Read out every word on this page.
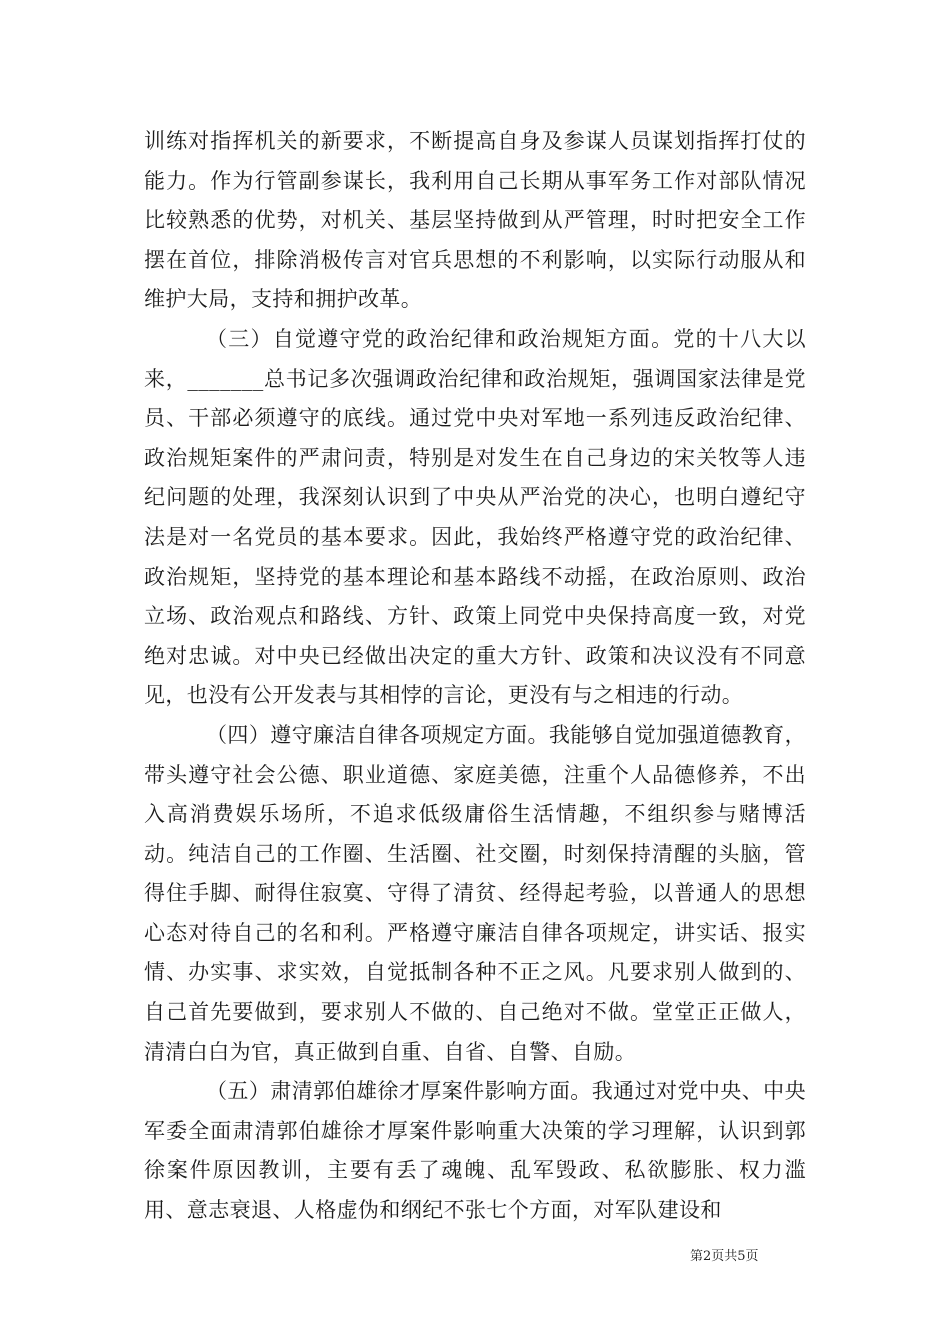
训练对指挥机关的新要求，不断提高自身及参谋人员谋划指挥打仗的能力。作为行管副参谋长，我利用自己长期从事军务工作对部队情况比较熟悉的优势，对机关、基层坚持做到从严管理，时时把安全工作摆在首位，排除消极传言对官兵思想的不利影响，以实际行动服从和维护大局，支持和拥护改革。

（三）自觉遵守党的政治纪律和政治规矩方面。党的十八大以来，_______总书记多次强调政治纪律和政治规矩，强调国家法律是党员、干部必须遵守的底线。通过党中央对军地一系列违反政治纪律、政治规矩案件的严肃问责，特别是对发生在自己身边的宋关牧等人违纪问题的处理，我深刻认识到了中央从严治党的决心，也明白遵纪守法是对一名党员的基本要求。因此，我始终严格遵守党的政治纪律、政治规矩，坚持党的基本理论和基本路线不动摇，在政治原则、政治立场、政治观点和路线、方针、政策上同党中央保持高度一致，对党绝对忠诚。对中央已经做出决定的重大方针、政策和决议没有不同意见，也没有公开发表与其相悖的言论，更没有与之相违的行动。

（四）遵守廉洁自律各项规定方面。我能够自觉加强道德教育，带头遵守社会公德、职业道德、家庭美德，注重个人品德修养，不出入高消费娱乐场所，不追求低级庸俗生活情趣，不组织参与赌博活动。纯洁自己的工作圈、生活圈、社交圈，时刻保持清醒的头脑，管得住手脚、耐得住寂寞、守得了清贫、经得起考验，以普通人的思想心态对待自己的名和利。严格遵守廉洁自律各项规定，讲实话、报实情、办实事、求实效，自觉抵制各种不正之风。凡要求别人做到的、自己首先要做到，要求别人不做的、自己绝对不做。堂堂正正做人，清清白白为官，真正做到自重、自省、自警、自励。

（五）肃清郭伯雄徐才厚案件影响方面。我通过对党中央、中央军委全面肃清郭伯雄徐才厚案件影响重大决策的学习理解，认识到郭徐案件原因教训，主要有丢了魂魄、乱军毁政、私欲膨胀、权力滥用、意志衰退、人格虚伪和纲纪不张七个方面，对军队建设和

第2页共5页
